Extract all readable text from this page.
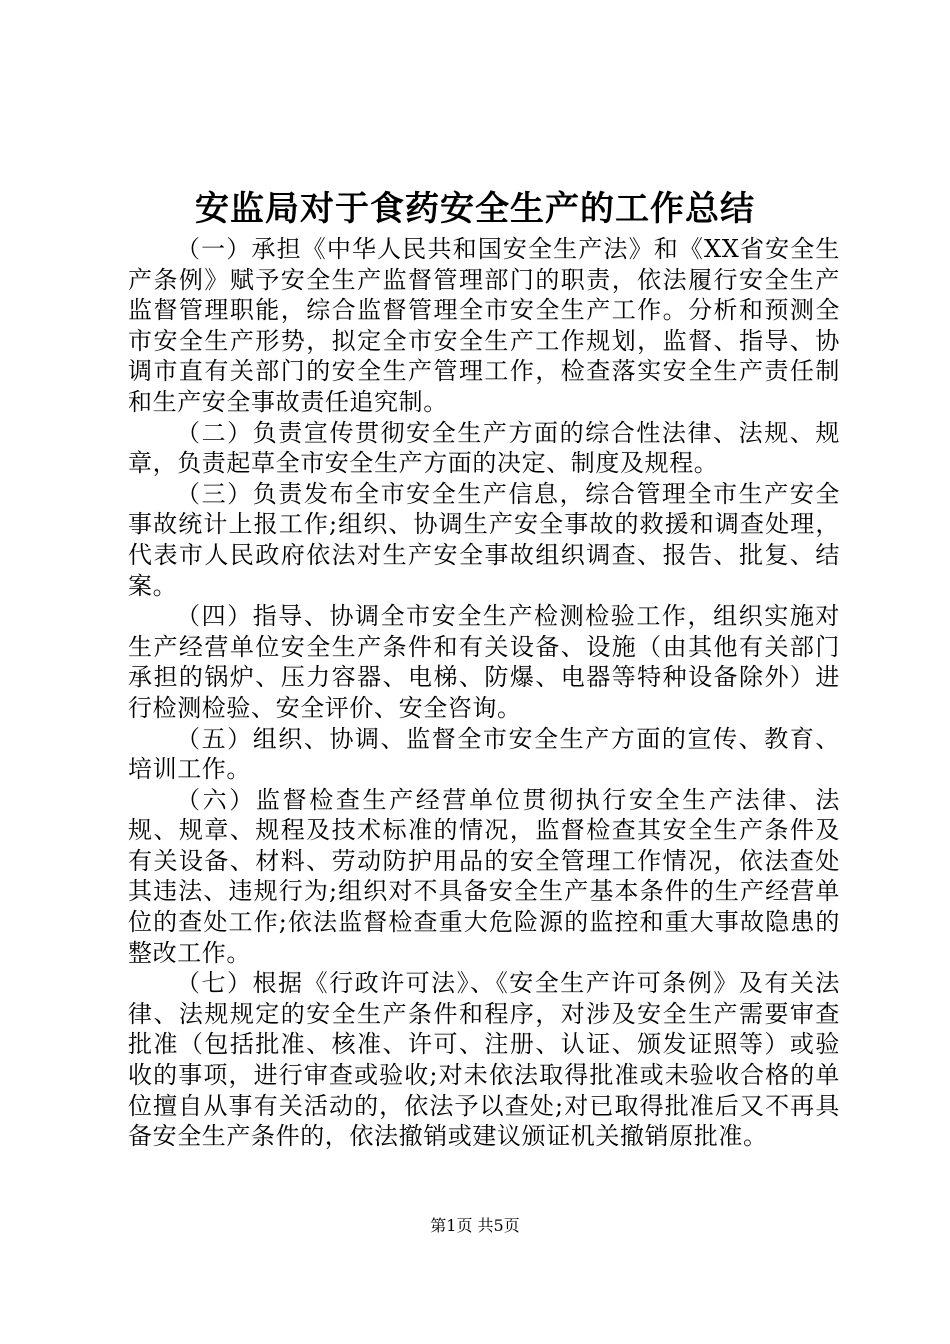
安监局对于食药安全生产的工作总结

（一）承担《中华人民共和国安全生产法》和《XX省安全生产条例》赋予安全生产监督管理部门的职责，依法履行安全生产监督管理职能，综合监督管理全市安全生产工作。分析和预测全市安全生产形势，拟定全市安全生产工作规划，监督、指导、协调市直有关部门的安全生产管理工作，检查落实安全生产责任制和生产安全事故责任追究制。

（二）负责宣传贯彻安全生产方面的综合性法律、法规、规章，负责起草全市安全生产方面的决定、制度及规程。

（三）负责发布全市安全生产信息，综合管理全市生产安全事故统计上报工作;组织、协调生产安全事故的救援和调查处理，代表市人民政府依法对生产安全事故组织调查、报告、批复、结案。

（四）指导、协调全市安全生产检测检验工作，组织实施对生产经营单位安全生产条件和有关设备、设施（由其他有关部门承担的锅炉、压力容器、电梯、防爆、电器等特种设备除外）进行检测检验、安全评价、安全咨询。

（五）组织、协调、监督全市安全生产方面的宣传、教育、培训工作。

（六）监督检查生产经营单位贯彻执行安全生产法律、法规、规章、规程及技术标准的情况，监督检查其安全生产条件及有关设备、材料、劳动防护用品的安全管理工作情况，依法查处其违法、违规行为;组织对不具备安全生产基本条件的生产经营单位的查处工作;依法监督检查重大危险源的监控和重大事故隐患的整改工作。

（七）根据《行政许可法》、《安全生产许可条例》及有关法律、法规规定的安全生产条件和程序，对涉及安全生产需要审查批准（包括批准、核准、许可、注册、认证、颁发证照等）或验收的事项，进行审查或验收;对未依法取得批准或未验收合格的单位擅自从事有关活动的，依法予以查处;对已取得批准后又不再具备安全生产条件的，依法撤销或建议颁证机关撤销原批准。

第1页 共5页
